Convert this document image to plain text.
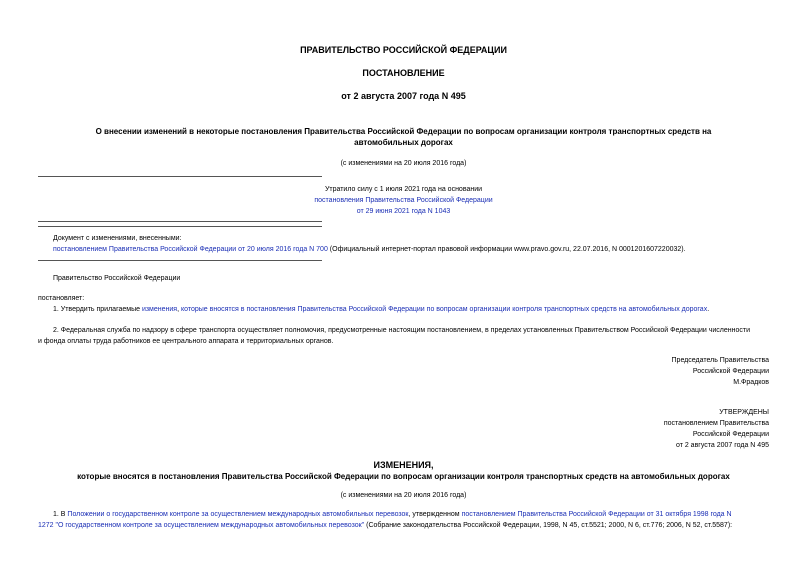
ПРАВИТЕЛЬСТВО РОССИЙСКОЙ ФЕДЕРАЦИИ
ПОСТАНОВЛЕНИЕ
от 2 августа 2007 года N 495
О внесении изменений в некоторые постановления Правительства Российской Федерации по вопросам организации контроля транспортных средств на
автомобильных дорогах
(с изменениями на 20 июля 2016 года)
Утратило силу с 1 июля 2021 года на основании
постановления Правительства Российской Федерации
от 29 июня 2021 года N 1043
Документ с изменениями, внесенными:
постановлением Правительства Российской Федерации от 20 июля 2016 года N 700 (Официальный интернет-портал правовой информации www.pravo.gov.ru, 22.07.2016, N 0001201607220032).
Правительство Российской Федерации
постановляет:
1. Утвердить прилагаемые изменения, которые вносятся в постановления Правительства Российской Федерации по вопросам организации контроля транспортных средств на автомобильных дорогах.
2. Федеральная служба по надзору в сфере транспорта осуществляет полномочия, предусмотренные настоящим постановлением, в пределах установленных Правительством Российской Федерации численности
и фонда оплаты труда работников ее центрального аппарата и территориальных органов.
Председатель Правительства
Российской Федерации
М.Фрадков
УТВЕРЖДЕНЫ
постановлением Правительства
Российской Федерации
от 2 августа 2007 года N 495
ИЗМЕНЕНИЯ,
которые вносятся в постановления Правительства Российской Федерации по вопросам организации контроля транспортных средств на автомобильных дорогах
(с изменениями на 20 июля 2016 года)
1. В Положении о государственном контроле за осуществлением международных автомобильных перевозок, утвержденном постановлением Правительства Российской Федерации от 31 октября 1998 года N
1272 "О государственном контроле за осуществлением международных автомобильных перевозок" (Собрание законодательства Российской Федерации, 1998, N 45, ст.5521; 2000, N 6, ст.776; 2006, N 52, ст.5587):
